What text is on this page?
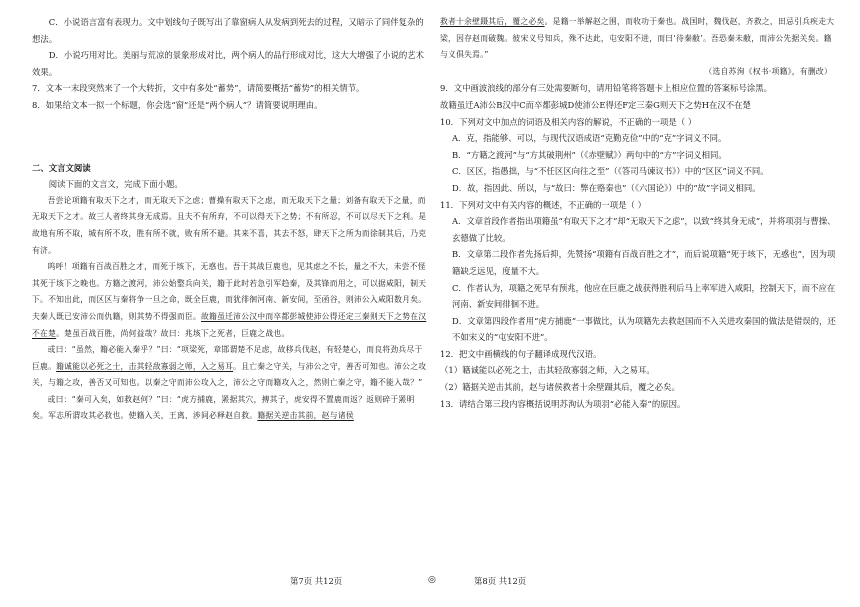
C．小说语言富有表现力。文中划线句子既写出了靠窗病人从发病到死去的过程，又暗示了同伴复杂的想法。

D．小说巧用对比。美丽与荒凉的景象形成对比，两个病人的品行形成对比，这大大增强了小说的艺术效果。

7．文本一末段突然来了一个大转折，文中有多处“蓄势”，请简要概括“蓄势”的相关情节。

8．如果给文本一拟一个标题，你会选“窗”还是“两个病人”？请简要说明理由。

二、文言文阅读

阅读下面的文言文，完成下面小题。

吾尝论项籍有取天下之才，而无取天下之虑；曹操有取天下之虑，而无取天下之量；刘备有取天下之量，而无取天下之才。故三人者终其身无成焉。且夫不有所弃，不可以得天下之势；不有所忍，不可以尽天下之利。是故地有所不取，城有所不攻，胜有所不就，败有所不避。其来不喜，其去不怒，肆天下之所为而徐制其后，乃克有济。

呜呼！项籍有百战百胜之才，而死于垓下，无惑也。吾于其战巨鹿也，见其虑之不长，量之不大，未尝不怪其死于垓下之晚也。方籍之渡河，沛公始整兵向关，籍于此时若急引军趋秦，及其锋而用之，可以据咸阳，制天下。不知出此，而区区与秦将争一旦之命，既全巨鹿，而犹徘徊河南、新安间，至函谷，则沛公入咸阳数月矣。夫秦人既已安沛公而仇籍，则其势不得强而臣。故籍虽迁沛公汉中而卒都彭城使沛公得还定三秦则天下之势在汉不在楚。楚虽百战百胜，尚何益哉？故曰：兆垓下之死者，巨鹿之战也。

或曰：“虽然，籍必能入秦乎？”曰：“项梁死，章邯谓楚不足虑，故移兵伐赵，有轻楚心，而良将劲兵尽于巨鹿。籍诚能以必死之士，击其轻敌寡弱之师，入之易耳。且亡秦之守关，与沛公之守，善否可知也。沛公之攻关，与籍之攻，善否又可知也。以秦之守而沛公攻入之，沛公之守而籍攻入之，然则亡秦之守，籍不能入哉？”

或曰：“秦可入矣，如救赵何？”曰：“虎方捕鹿，罴据其穴，搏其子，虎安得不置鹿而返？返则碎于罴明矣。军志所谓攻其必救也。使籍入关，王离、涉间必释赵自救。籍据关逆击其前，赵与诸侯

救者十余壁蹑其后，覆之必矣。是籍一举解赵之围，而收功于秦也。战国时，魏伐赵，齐救之，田忌引兵疾走大梁，因存赵而破魏。彼宋义号知兵，殊不达此，屯安阳不进，而曰‘待秦敝’。吾恐秦未敝，而沛公先据关矣。籍与义俱失焉。”

（选自苏洵《权书·项籍》，有删改）

9．文中画波浪线的部分有三处需要断句，请用铅笔将答题卡上相应位置的答案标号涂黑。

故籍虽迁A沛公B汉中C而卒都彭城D使沛公E得还F定三秦G则天下之势H在汉不在楚

10．下列对文中加点的词语及相关内容的解说，不正确的一项是（ ）

A．克，指能够、可以，与现代汉语成语“克勤克俭”中的“克”字词义不同。

B．“方籍之渡河”与“方其破荆州”（《赤壁赋》）两句中的“方”字词义相同。

C．区区，指愚拙，与“不任区区向往之至”（《答司马谏议书》）中的“区区”词义不同。

D．故，指因此、所以，与“故曰：弊在赂秦也”（《六国论》）中的“故”字词义相同。

11．下列对文中有关内容的概述，不正确的一项是（ ）

A．文章首段作者指出项籍虽“有取天下之才”却“无取天下之虑”，以致“终其身无成”，并将项羽与曹操、玄德做了比较。

B．文章第二段作者先扬后抑，先赞扬“项籍有百战百胜之才”，而后说项籍“死于垓下，无惑也”，因为项籍缺乏远见，度量不大。

C．作者认为，项籍之死早有预兆，他应在巨鹿之战获得胜利后马上率军进入咸阳，控制天下，而不应在河南、新安间徘徊不进。

D．文章第四段作者用“虎方捕鹿”一事做比，认为项籍先去救赵国而不入关进攻秦国的做法是错误的，还不如宋义的“屯安阳不进”。

12．把文中画横线的句子翻译成现代汉语。

（1）籍诚能以必死之士，击其轻敌寡弱之师，入之易耳。

（2）籍据关逆击其前，赵与诸侯救者十余壁蹑其后，覆之必矣。

13．请结合第三段内容概括说明苏洵认为项羽“必能入秦”的原因。

第7页 共12页	◎	第8页 共12页
